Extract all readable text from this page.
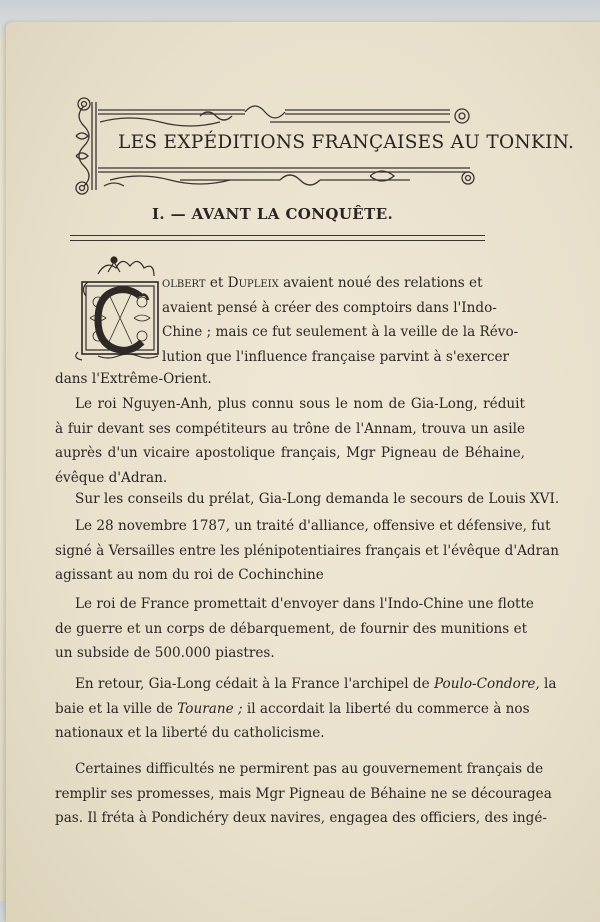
LES EXPÉDITIONS FRANÇAISES AU TONKIN.
I. — AVANT LA CONQUÊTE.
olbert et Dupleix avaient noué des relations et
avaient pensé à créer des comptoirs dans l'Indo-
Chine ; mais ce fut seulement à la veille de la Révo-
lution que l'influence française parvint à s'exercer
dans l'Extrême-Orient.
Le roi Nguyen-Anh, plus connu sous le nom de Gia-Long, réduit
à fuir devant ses compétiteurs au trône de l'Annam, trouva un asile
auprès d'un vicaire apostolique français, Mgr Pigneau de Béhaine,
évêque d'Adran.
Sur les conseils du prélat, Gia-Long demanda le secours de Louis XVI.
Le 28 novembre 1787, un traité d'alliance, offensive et défensive, fut
signé à Versailles entre les plénipotentiaires français et l'évêque d'Adran
agissant au nom du roi de Cochinchine
Le roi de France promettait d'envoyer dans l'Indo-Chine une flotte
de guerre et un corps de débarquement, de fournir des munitions et
un subside de 500.000 piastres.
En retour, Gia-Long cédait à la France l'archipel de Poulo-Condore, la
baie et la ville de Tourane ; il accordait la liberté du commerce à nos
nationaux et la liberté du catholicisme.
Certaines difficultés ne permirent pas au gouvernement français de
remplir ses promesses, mais Mgr Pigneau de Béhaine ne se découragea
pas. Il fréta à Pondichéry deux navires, engagea des officiers, des ingé-
